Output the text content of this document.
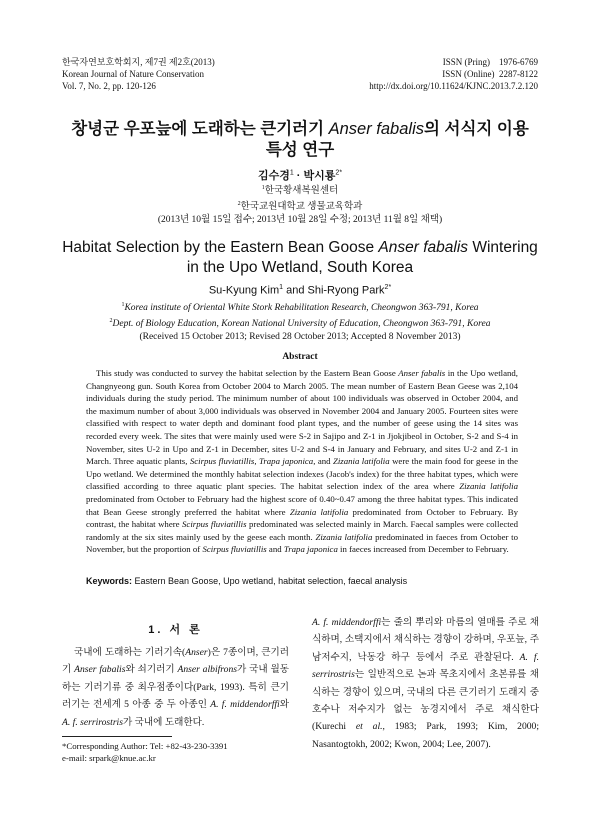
한국자연보호학회지, 제7권 제2호(2013)
Korean Journal of Nature Conservation
Vol. 7, No. 2, pp. 120-126
ISSN (Pring)    1976-6769
ISSN (Online)  2287-8122
http://dx.doi.org/10.11624/KJNC.2013.7.2.120
창녕군 우포늪에 도래하는 큰기러기 Anser fabalis의 서식지 이용
특성 연구
김수경$^1$ · 박시룡$^{2*}$
$^1$한국황새복원센터
$^2$한국교원대학교 생물교육학과
(2013년 10월 15일 접수; 2013년 10월 28일 수정; 2013년 11월 8일 채택)
Habitat Selection by the Eastern Bean Goose Anser fabalis Wintering
in the Upo Wetland, South Korea
Su-Kyung Kim$^1$ and Shi-Ryong Park$^{2*}$
$^1$Korea institute of Oriental White Stork Rehabilitation Research, Cheongwon 363-791, Korea
$^2$Dept. of Biology Education, Korean National University of Education, Cheongwon 363-791, Korea
(Received 15 October 2013; Revised 28 October 2013; Accepted 8 November 2013)
Abstract

This study was conducted to survey the habitat selection by the Eastern Bean Goose Anser fabalis in the Upo wetland, Changnyeong gun. South Korea from October 2004 to March 2005. The mean number of Eastern Bean Geese was 2,104 individuals during the study period. The minimum number of about 100 individuals was observed in October 2004, and the maximum number of about 3,000 individuals was observed in November 2004 and January 2005. Fourteen sites were classified with respect to water depth and dominant food plant types, and the number of geese using the 14 sites was recorded every week. The sites that were mainly used were S-2 in Sajipo and Z-1 in Jjokjibeol in October, S-2 and S-4 in November, sites U-2 in Upo and Z-1 in December, sites U-2 and S-4 in January and February, and sites U-2 and Z-1 in March. Three aquatic plants, Scirpus fluviatillis, Trapa japonica, and Zizania latifolia were the main food for geese in the Upo wetland. We determined the monthly habitat selection indexes (Jacob's index) for the three habitat types, which were classified according to three aquatic plant species. The habitat selection index of the area where Zizania latifolia predominated from October to February had the highest score of 0.40~0.47 among the three habitat types. This indicated that Bean Geese strongly preferred the habitat where Zizania latifolia predominated from October to February. By contrast, the habitat where Scirpus fluviatillis predominated was selected mainly in March. Faecal samples were collected randomly at the six sites mainly used by the geese each month. Zizania latifolia predominated in faeces from October to November, but the proportion of Scirpus fluviatillis and Trapa japonica in faeces increased from December to February.

Keywords: Eastern Bean Goose, Upo wetland, habitat selection, faecal analysis
1. 서 론

국내에 도래하는 기러기속(Anser)은 7종이며, 큰기러기 Anser fabalis와 쇠기러기 Anser albifrons가 국내 월동하는 기러기류 중 최우점종이다(Park, 1993). 특히 큰기러기는 전세계 5 아종 중 두 아종인 A. f. middendorffi와 A. f. serrirostris가 국내에 도래한다.

*Corresponding Author: Tel: +82-43-230-3391
e-mail: srpark@knue.ac.kr

A. f. middendorffi는 줄의 뿌리와 마름의 열매를 주로 채식하며, 소택지에서 채식하는 경향이 강하며, 우포늪, 주남저수지, 낙동강 하구 등에서 주로 관찰된다. A. f. serrirostris는 일반적으로 논과 목초지에서 초본류를 채식하는 경향이 있으며, 국내의 다른 큰기러기 도래지 중 호수나 저수지가 없는 농경지에서 주로 채식한다(Kurechi et al., 1983; Park, 1993; Kim, 2000; Nasantogtokh, 2002; Kwon, 2004; Lee, 2007).
